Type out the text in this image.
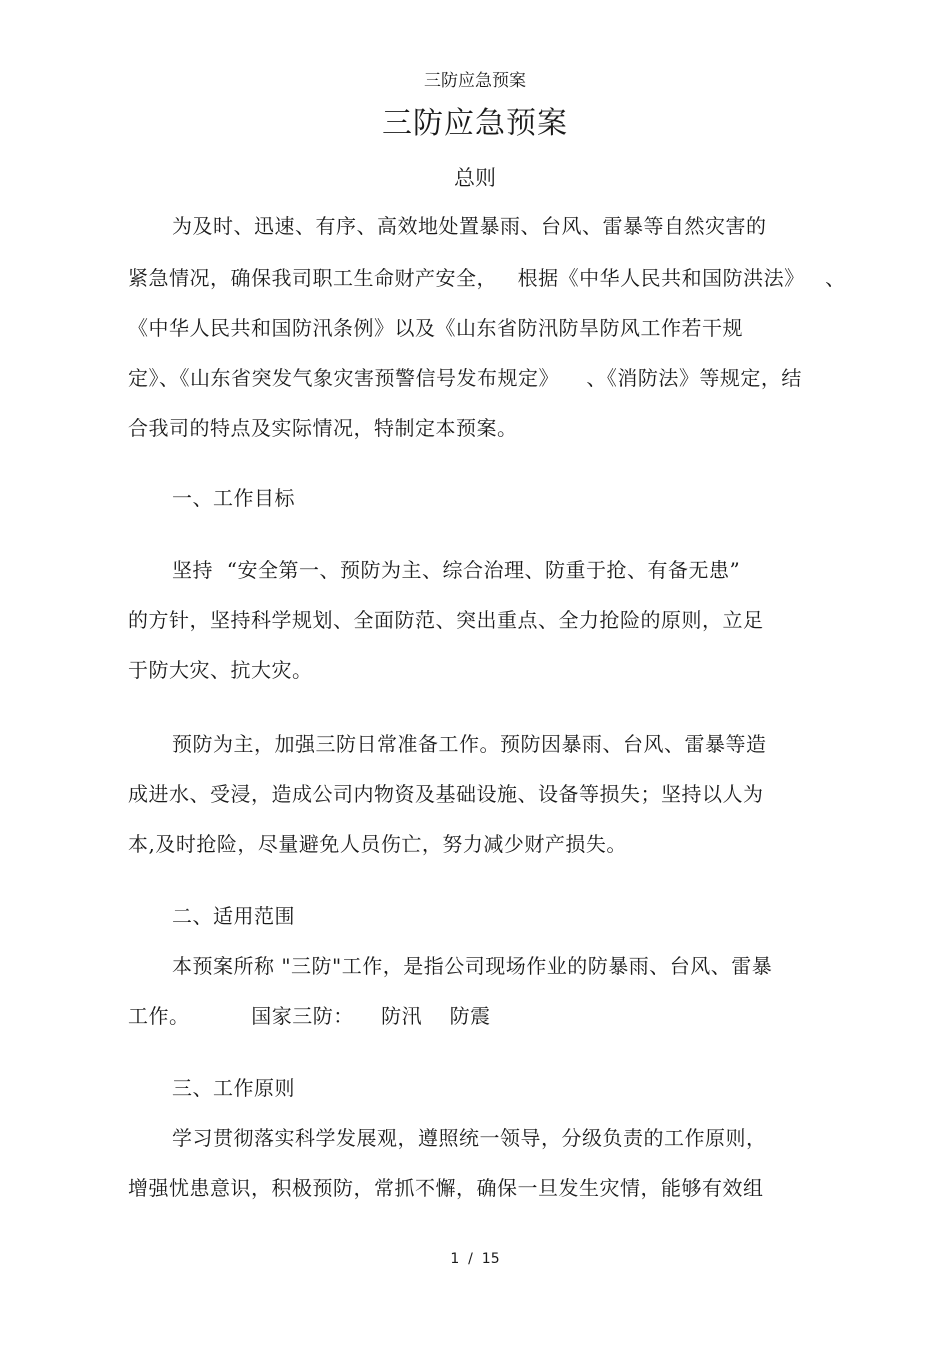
三防应急预案
三防应急预案
总则
为及时、迅速、有序、高效地处置暴雨、台风、雷暴等自然灾害的
紧急情况，确保我司职工生命财产安全，   根据《中华人民共和国防洪法》   、
《中华人民共和国防汛条例》以及《山东省防汛防旱防风工作若干规
定》、《山东省突发气象灾害预警信号发布规定》    、《消防法》等规定，结
合我司的特点及实际情况，特制定本预案。
一、工作目标
坚持  “安全第一、预防为主、综合治理、防重于抢、有备无患”
的方针，坚持科学规划、全面防范、突出重点、全力抢险的原则，立足
于防大灾、抗大灾。
预防为主，加强三防日常准备工作。预防因暴雨、台风、雷暴等造
成进水、受浸，造成公司内物资及基础设施、设备等损失；坚持以人为
本,及时抢险，尽量避免人员伤亡，努力减少财产损失。
二、适用范围
本预案所称 "三防"工作，是指公司现场作业的防暴雨、台风、雷暴
工作。         国家三防：    防汛    防震
三、工作原则
学习贯彻落实科学发展观，遵照统一领导，分级负责的工作原则，
增强忧患意识，积极预防，常抓不懈，确保一旦发生灾情，能够有效组
1  /  15
